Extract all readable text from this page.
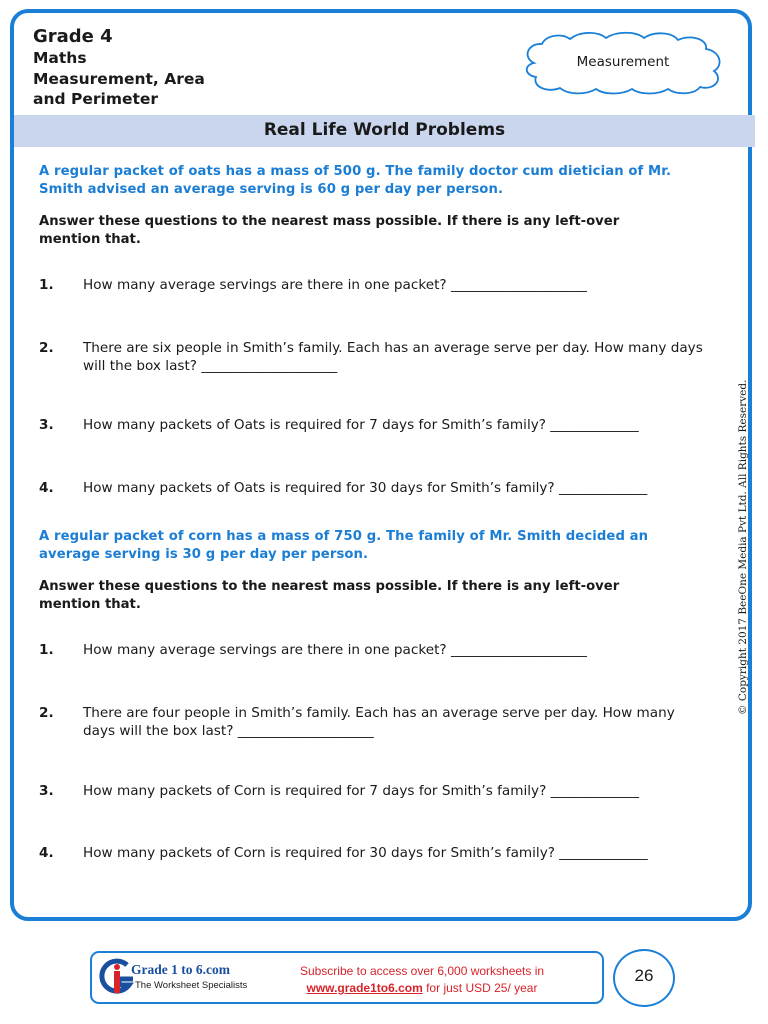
Grade 4
Maths
Measurement, Area
and Perimeter
Measurement
Real Life World Problems
A regular packet of oats has a mass of 500 g. The family doctor cum dietician of Mr.
Smith advised an average serving is 60 g per day per person.
Answer these questions to the nearest mass possible. If there is any left-over
mention that.
1.	How many average servings are there in one packet? ____________________
2.	There are six people in Smith’s family. Each has an average serve per day. How many days
will the box last? ____________________
3.	How many packets of Oats is required for 7 days for Smith’s family? _____________
4.	How many packets of Oats is required for 30 days for Smith’s family? _____________
A regular packet of corn has a mass of 750 g. The family of Mr. Smith decided an
average serving is 30 g per day per person.
Answer these questions to the nearest mass possible. If there is any left-over
mention that.
1.	How many average servings are there in one packet? ____________________
2.	There are four people in Smith’s family. Each has an average serve per day. How many
days will the box last? ____________________
3.	How many packets of Corn is required for 7 days for Smith’s family? _____________
4.	How many packets of Corn is required for 30 days for Smith’s family? _____________
© Copyright 2017 BeeOne Media Pvt Ltd. All Rights Reserved.
Grade 1 to 6.com
The Worksheet Specialists
Subscribe to access over 6,000 worksheets in
www.grade1to6.com for just USD 25/ year
26
